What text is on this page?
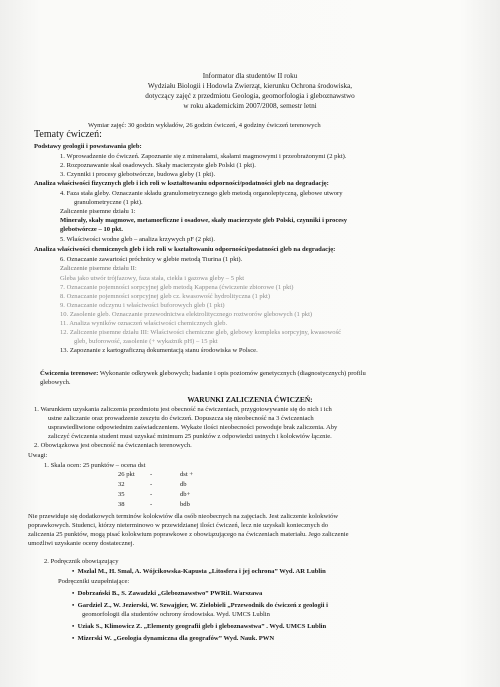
Informator dla studentów II roku
Wydziału Biologii i Hodowla Zwierząt, kierunku Ochrona środowiska,
dotyczący zajęć z przedmiotu Geologia, geomorfologia i gleboznawstwo
w roku akademickim 2007/2008, semestr letni
Wymiar zajęć: 30 godzin wykładów, 26 godzin ćwiczeń, 4 godziny ćwiczeń terenowych
Tematy ćwiczeń:
Podstawy geologii i powstawania gleb:
1. Wprowadzenie do ćwiczeń. Zapoznanie się z minerałami, skałami magmowymi i przeobrażonymi (2 pkt).
2. Rozpoznawanie skał osadowych. Skały macierzyste gleb Polski (1 pkt).
3. Czynniki i procesy glebotwórcze, budowa gleby (1 pkt).
Analiza właściwości fizycznych gleb i ich roli w kształtowaniu odporności/podatności gleb na degradację:
4. Faza stała gleby. Oznaczanie składu granulometrycznego gleb metodą organoleptyczną, glebowe utwory
granulometryczne (1 pkt).
Zaliczenie pisemne działu 1:
Minerały, skały magmowe, metamorficzne i osadowe, skały macierzyste gleb Polski, czynniki i procesy
glebotwórcze – 10 pkt.
5. Właściwości wodne gleb – analiza krzywych pF (2 pkt).
Analiza właściwości chemicznych gleb i ich roli w kształtowaniu odporności/podatności gleb na degradację:
6. Oznaczanie zawartości próchnicy w glebie metodą Tiurina (1 pkt).
Zaliczenie pisemne działu II:
Gleba jako utwór trójfazowy, faza stała, ciekła i gazowa gleby – 5 pkt
7. Oznaczanie pojemności sorpcyjnej gleb metodą Kappena (ćwiczenie zbiorowe (1 pkt)
8. Oznaczanie pojemności sorpcyjnej gleb cz. kwasowość hydrolityczna (1 pkt)
9. Oznaczanie odczynu i właściwości buforowych gleb (1 pkt)
10. Zasolenie gleb. Oznaczanie przewodnictwa elektrolitycznego roztworów glebowych (1 pkt)
11. Analiza wyników oznaczeń właściwości chemicznych gleb.
12. Zaliczenie pisemne działu III: Właściwości chemiczne gleb, glebowy kompleks sorpcyjny, kwasowość
gleb, buforowość, zasolenie (+ wykażnik pH) – 15 pkt
13. Zapoznanie z kartograficzną dokumentacją stanu środowiska w Polsce.
Ćwiczenia terenowe: Wykonanie odkrywek glebowych; badanie i opis poziomów genetycznych (diagnostycznych) profilu
glebowych.
WARUNKI ZALICZENIA ĆWICZEŃ:
1. Warunkiem uzyskania zaliczenia przedmiotu jest obecność na ćwiczeniach, przygotowywanie się do nich i ich
ustne zaliczanie oraz prowadzenie zeszytu do ćwiczeń. Dopuszcza się nieobecność na 3 ćwiczeniach
usprawiedliwione odpowiednim zaświadczeniem. Wykaże ilości nieobecności powoduje brak zaliczenia. Aby
zaliczyć ćwiczenia student musi uzyskać minimum 25 punktów z odpowiedzi ustnych i kolokwiów łącznie.
2. Obowiązkowa jest obecność na ćwiczeniach terenowych.
Uwagi:
1. Skala ocen: 25 punktów – ocena dst
26 pkt -	dst +
32	-	db
35	-	db+
38	-	bdb
Nie przewiduje się dodatkowych terminów kolokwiów dla osób nieobecnych na zajęciach. Jest zaliczenie kolokwiów
poprawkowych. Studenci, którzy nieterminowo w przewidzianej ilości ćwiczeń, lecz nie uzyskali koniecznych do
zaliczenia 25 punktów, mogą pisać kolokwium poprawkowe z obowiązującego na ćwiczeniach materiału. Jego zaliczenie
umożliwi uzyskanie oceny dostatecznej.
2. Podręcznik obowiązujący
•  Mszlal M., H. Smal, A. Wójcikowska-Kapusta „Litosfera i jej ochrona” Wyd. AR Lublin
Podręczniki uzupełniające:
•  Dobrzański B., S. Zawadzki „Gleboznawstwo” PWRiL Warszawa
•  Gardziel Z., W. Jezierski, W. Szwajgier, W. Zielobieli „Przewodnik do ćwiczeń z geologii i
geomorfologii dla studentów ochrony środowiska. Wyd. UMCS Lublin
•  Uziak S., Klimowicz Z. „Elementy geografii gleb i gleboznawstwa” . Wyd. UMCS Lublin
•  Mizerski W. „Geologia dynamiczna dla geografów” Wyd. Nauk. PWN
